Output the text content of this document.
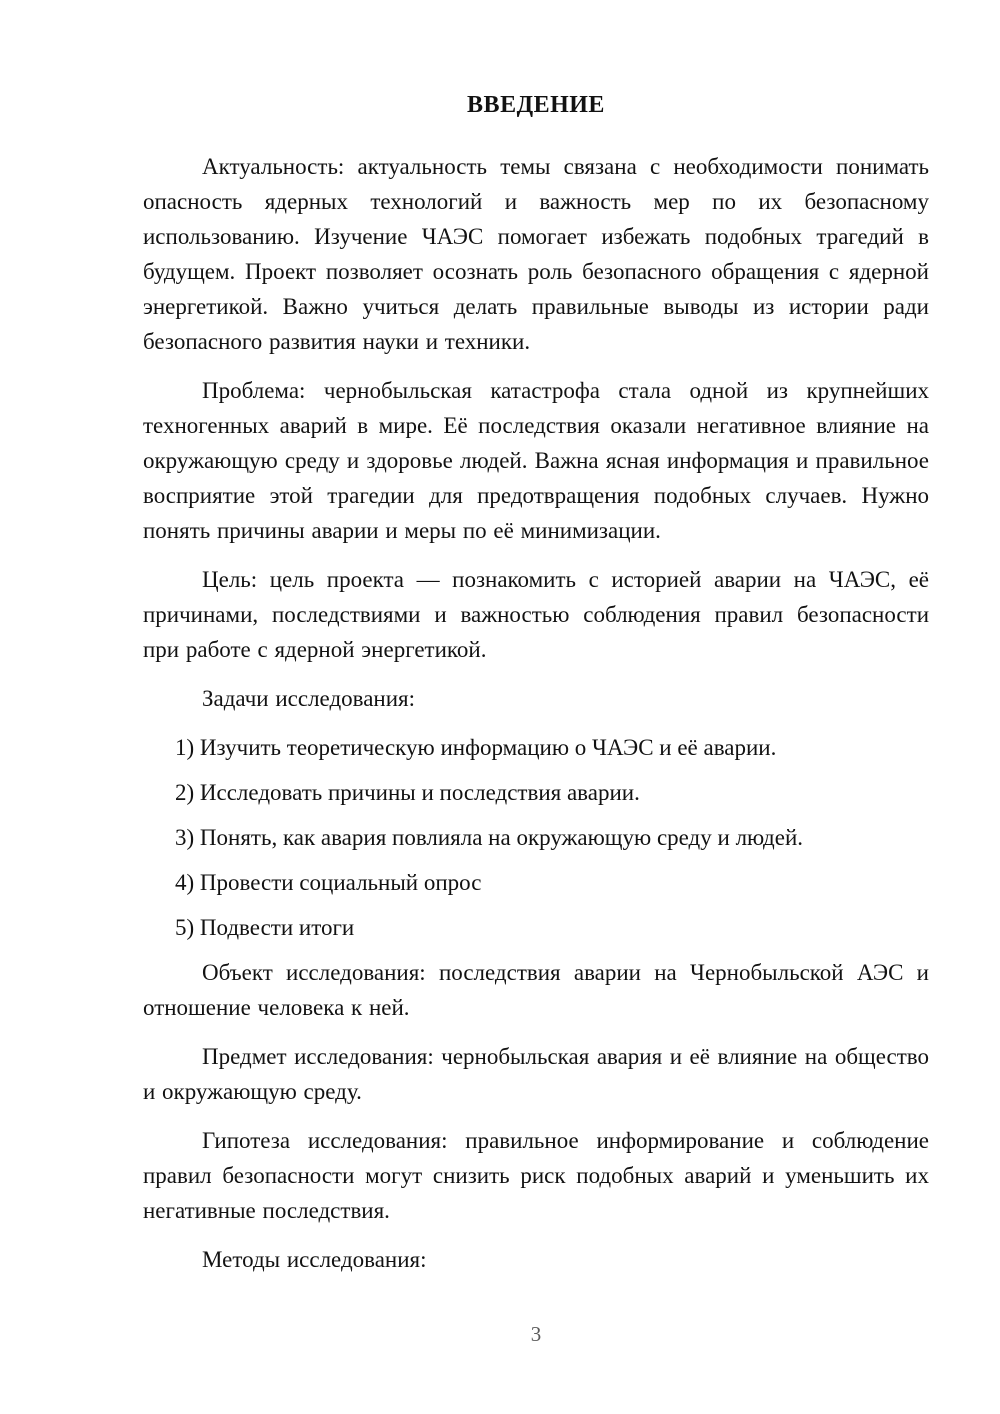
ВВЕДЕНИЕ

Актуальность: актуальность темы связана с необходимости понимать опасность ядерных технологий и важность мер по их безопасному использованию. Изучение ЧАЭС помогает избежать подобных трагедий в будущем. Проект позволяет осознать роль безопасного обращения с ядерной энергетикой. Важно учиться делать правильные выводы из истории ради безопасного развития науки и техники.

Проблема: чернобыльская катастрофа стала одной из крупнейших техногенных аварий в мире. Её последствия оказали негативное влияние на окружающую среду и здоровье людей. Важна ясная информация и правильное восприятие этой трагедии для предотвращения подобных случаев. Нужно понять причины аварии и меры по её минимизации.

Цель: цель проекта — познакомить с историей аварии на ЧАЭС, её причинами, последствиями и важностью соблюдения правил безопасности при работе с ядерной энергетикой.

Задачи исследования:

1) Изучить теоретическую информацию о ЧАЭС и её аварии.

2) Исследовать причины и последствия аварии.

3) Понять, как авария повлияла на окружающую среду и людей.

4) Провести социальный опрос

5) Подвести итоги

Объект исследования: последствия аварии на Чернобыльской АЭС и отношение человека к ней.

Предмет исследования: чернобыльская авария и её влияние на общество и окружающую среду.

Гипотеза исследования: правильное информирование и соблюдение правил безопасности могут снизить риск подобных аварий и уменьшить их негативные последствия.

Методы исследования:

3
